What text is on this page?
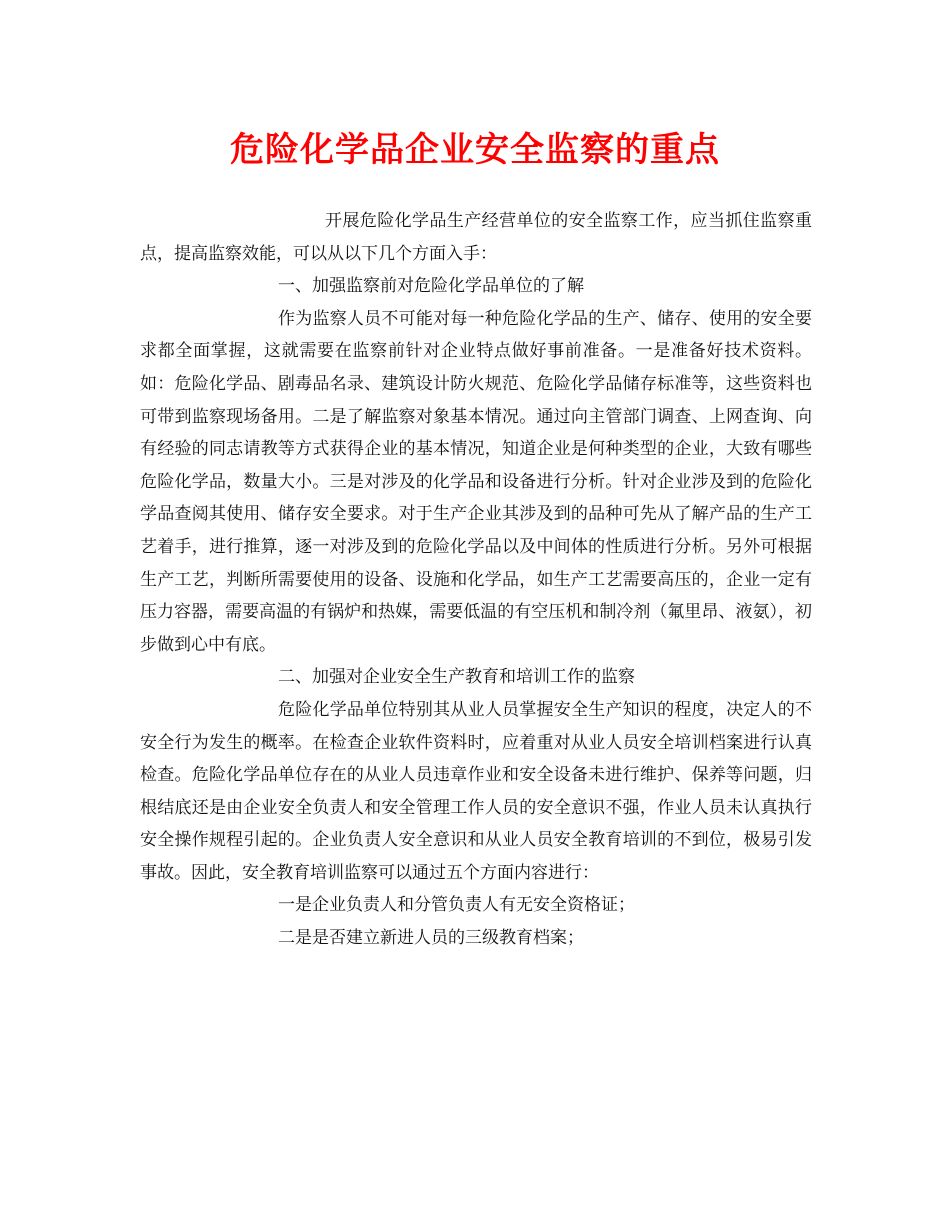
危险化学品企业安全监察的重点

开展危险化学品生产经营单位的安全监察工作，应当抓住监察重点，提高监察效能，可以从以下几个方面入手：

一、加强监察前对危险化学品单位的了解

作为监察人员不可能对每一种危险化学品的生产、储存、使用的安全要求都全面掌握，这就需要在监察前针对企业特点做好事前准备。一是准备好技术资料。如：危险化学品、剧毒品名录、建筑设计防火规范、危险化学品储存标准等，这些资料也可带到监察现场备用。二是了解监察对象基本情况。通过向主管部门调查、上网查询、向有经验的同志请教等方式获得企业的基本情况，知道企业是何种类型的企业，大致有哪些危险化学品，数量大小。三是对涉及的化学品和设备进行分析。针对企业涉及到的危险化学品查阅其使用、储存安全要求。对于生产企业其涉及到的品种可先从了解产品的生产工艺着手，进行推算，逐一对涉及到的危险化学品以及中间体的性质进行分析。另外可根据生产工艺，判断所需要使用的设备、设施和化学品，如生产工艺需要高压的，企业一定有压力容器，需要高温的有锅炉和热媒，需要低温的有空压机和制冷剂（氟里昂、液氨），初步做到心中有底。

二、加强对企业安全生产教育和培训工作的监察

危险化学品单位特别其从业人员掌握安全生产知识的程度，决定人的不安全行为发生的概率。在检查企业软件资料时，应着重对从业人员安全培训档案进行认真检查。危险化学品单位存在的从业人员违章作业和安全设备未进行维护、保养等问题，归根结底还是由企业安全负责人和安全管理工作人员的安全意识不强，作业人员未认真执行安全操作规程引起的。企业负责人安全意识和从业人员安全教育培训的不到位，极易引发事故。因此，安全教育培训监察可以通过五个方面内容进行：

一是企业负责人和分管负责人有无安全资格证；

二是是否建立新进人员的三级教育档案；
